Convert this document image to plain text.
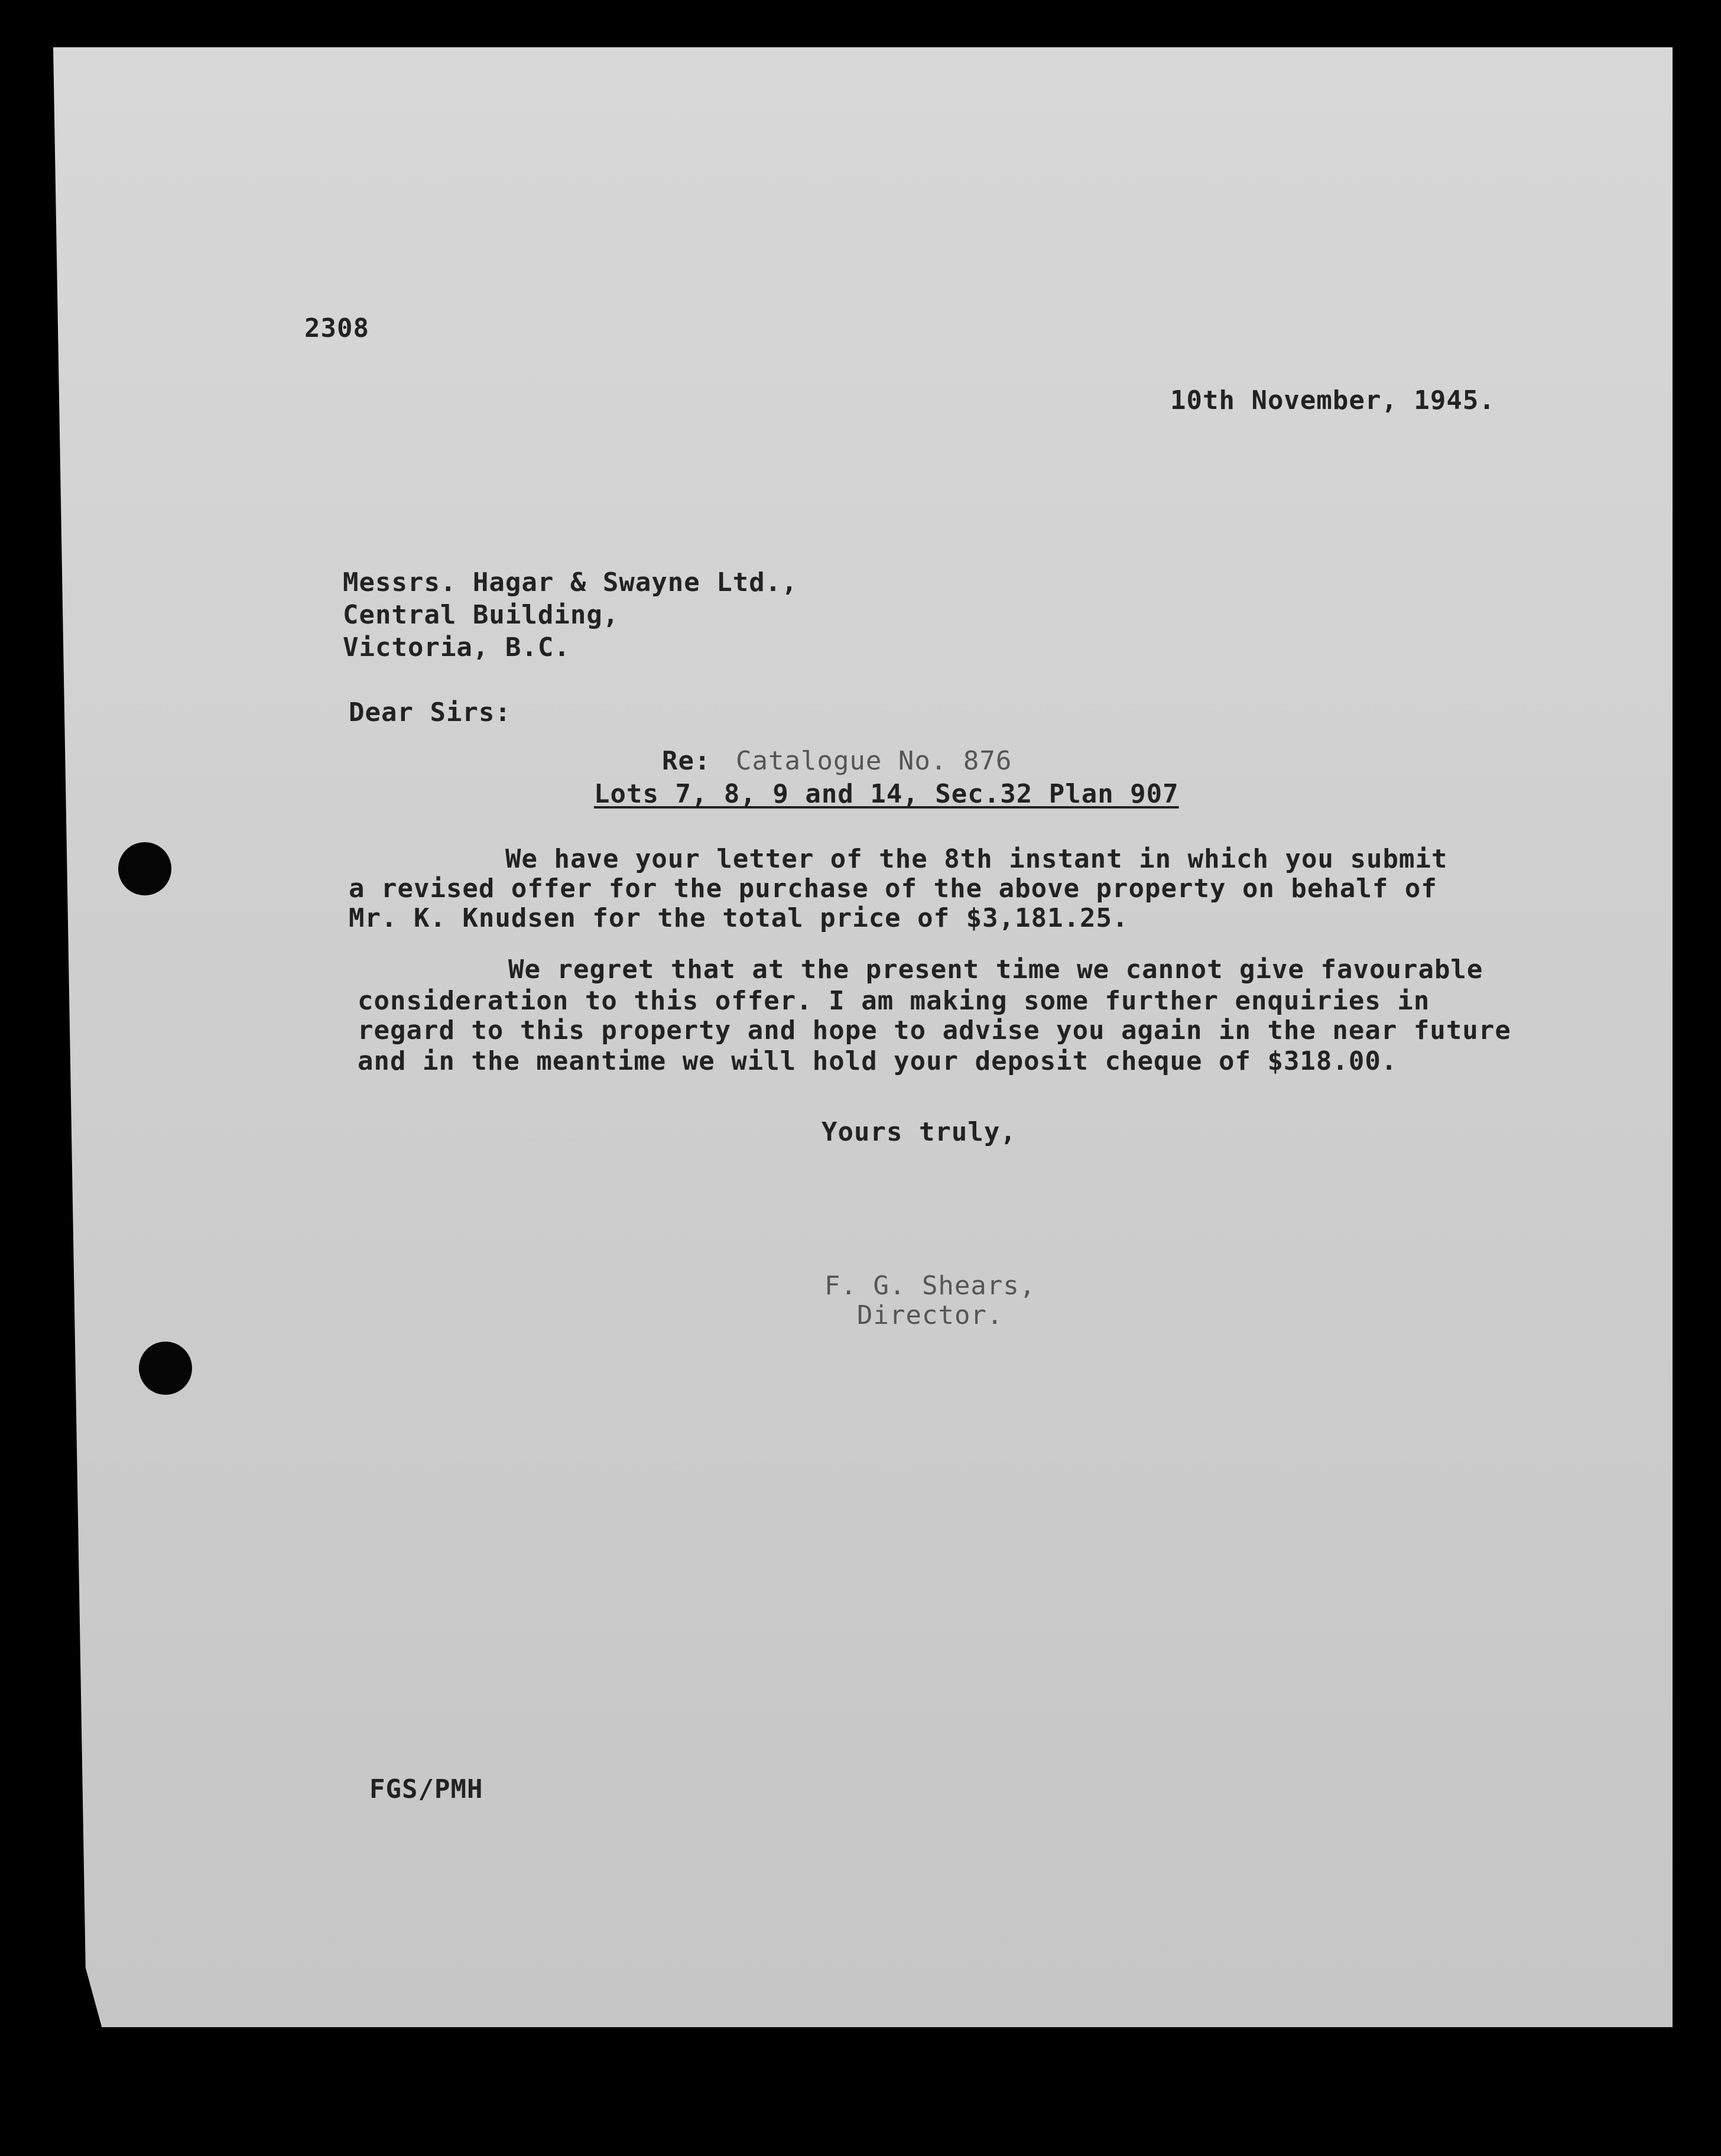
2308

10th November, 1945.

Messrs. Hagar & Swayne Ltd.,

Central Building,

Victoria, B.C.

Dear Sirs:

Re: Catalogue No. 876

Lots 7, 8, 9 and 14, Sec.32 Plan 907

We have your letter of the 8th instant in which you submit

a revised offer for the purchase of the above property on behalf of

Mr. K. Knudsen for the total price of $3,181.25.

We regret that at the present time we cannot give favourable

consideration to this offer. I am making some further enquiries in

regard to this property and hope to advise you again in the near future

and in the meantime we will hold your deposit cheque of $318.00.

Yours truly,

F. G. Shears,

Director.

FGS/PMH
